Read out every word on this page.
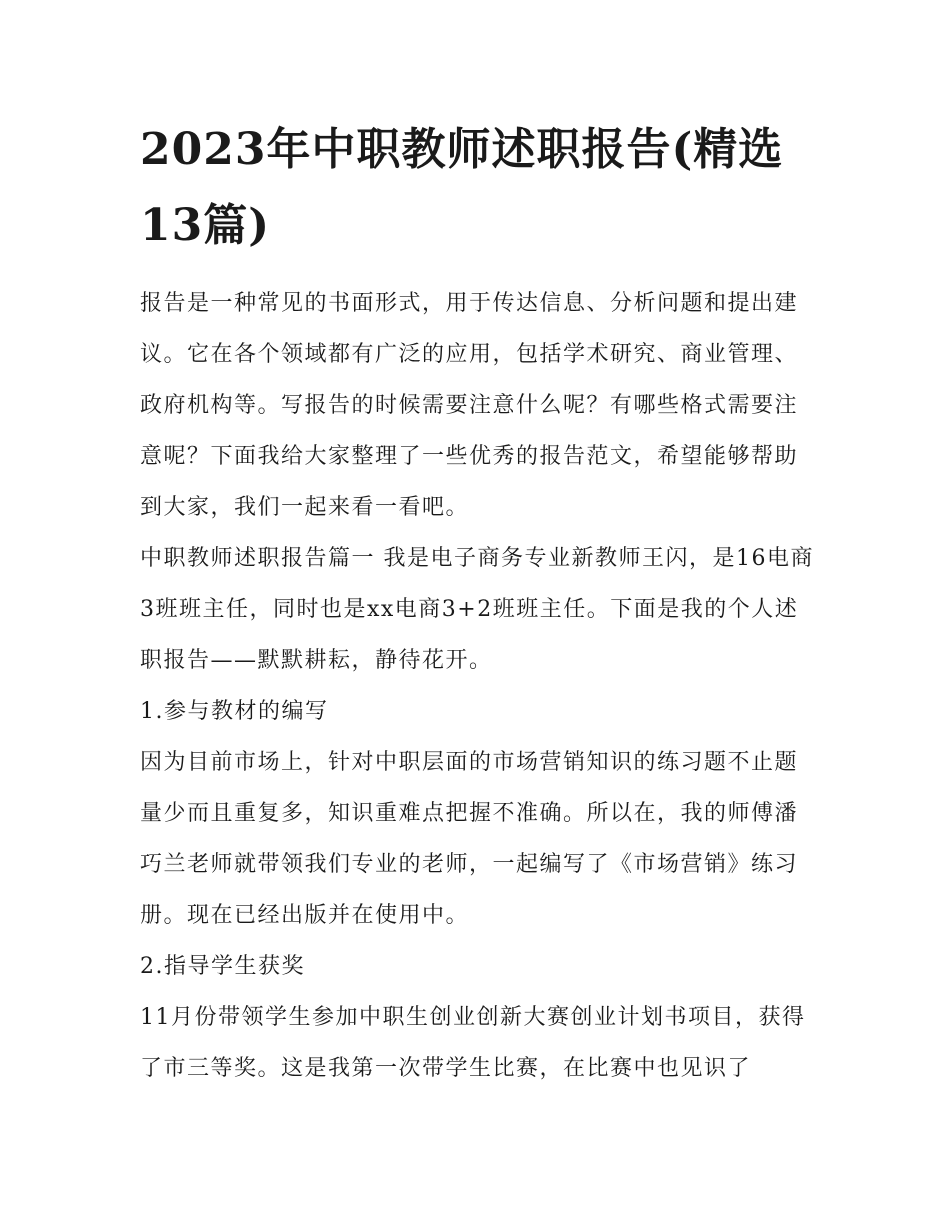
2023年中职教师述职报告(精选13篇)

报告是一种常见的书面形式，用于传达信息、分析问题和提出建议。它在各个领域都有广泛的应用，包括学术研究、商业管理、政府机构等。写报告的时候需要注意什么呢？有哪些格式需要注意呢？下面我给大家整理了一些优秀的报告范文，希望能够帮助到大家，我们一起来看一看吧。

中职教师述职报告篇一 我是电子商务专业新教师王闪，是16电商3班班主任，同时也是xx电商3+2班班主任。下面是我的个人述职报告——默默耕耘，静待花开。

1.参与教材的编写

因为目前市场上，针对中职层面的市场营销知识的练习题不止题量少而且重复多，知识重难点把握不准确。所以在，我的师傅潘巧兰老师就带领我们专业的老师，一起编写了《市场营销》练习册。现在已经出版并在使用中。

2.指导学生获奖

11月份带领学生参加中职生创业创新大赛创业计划书项目，获得了市三等奖。这是我第一次带学生比赛，在比赛中也见识了
